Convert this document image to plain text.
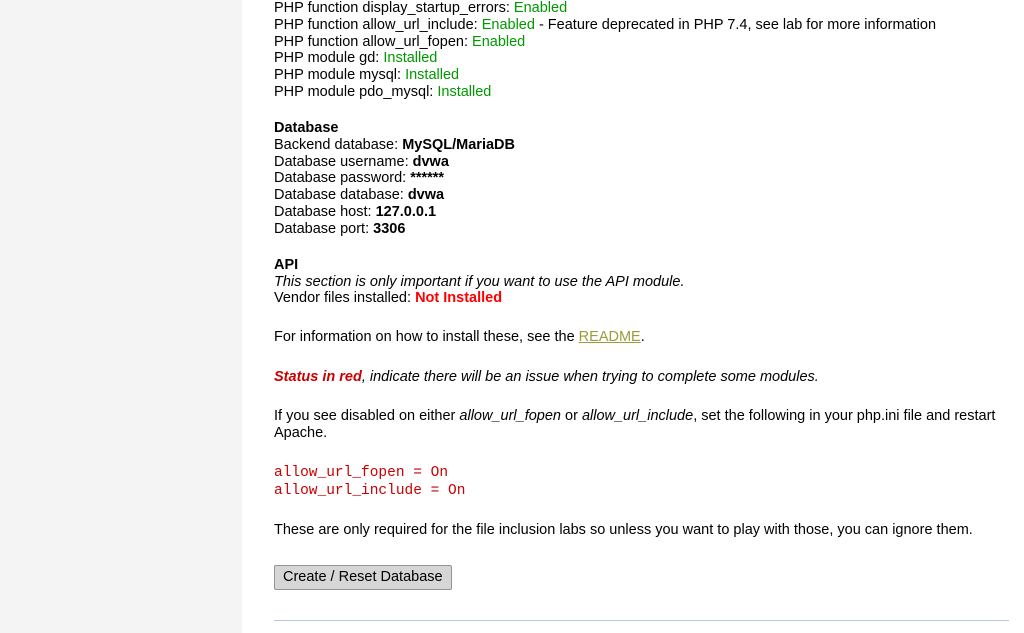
PHP function display_startup_errors: Enabled
PHP function allow_url_include: Enabled - Feature deprecated in PHP 7.4, see lab for more information
PHP function allow_url_fopen: Enabled
PHP module gd: Installed
PHP module mysql: Installed
PHP module pdo_mysql: Installed
Database
Backend database: MySQL/MariaDB
Database username: dvwa
Database password: ******
Database database: dvwa
Database host: 127.0.0.1
Database port: 3306
API
This section is only important if you want to use the API module.
Vendor files installed: Not Installed
For information on how to install these, see the README.
Status in red, indicate there will be an issue when trying to complete some modules.
If you see disabled on either allow_url_fopen or allow_url_include, set the following in your php.ini file and restart Apache.
allow_url_fopen = On
allow_url_include = On
These are only required for the file inclusion labs so unless you want to play with those, you can ignore them.
Create / Reset Database
